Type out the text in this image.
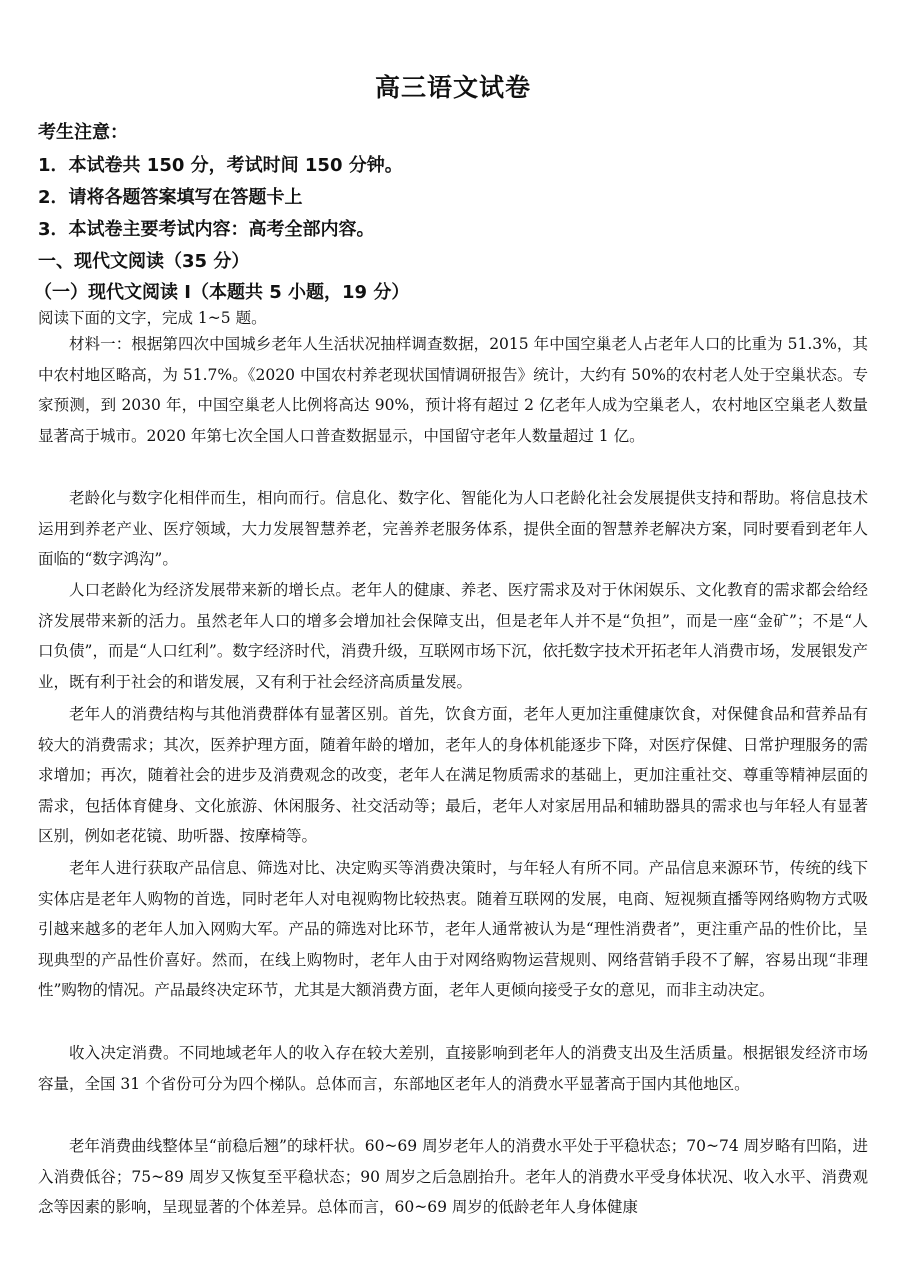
高三语文试卷
考生注意：
1．本试卷共 150 分，考试时间 150 分钟。
2．请将各题答案填写在答题卡上
3．本试卷主要考试内容：高考全部内容。
一、现代文阅读（35 分）
（一）现代文阅读 I（本题共 5 小题，19 分）
阅读下面的文字，完成 1~5 题。

材料一：根据第四次中国城乡老年人生活状况抽样调查数据，2015 年中国空巢老人占老年人口的比重为 51.3%，其中农村地区略高，为 51.7%。《2020 中国农村养老现状国情调研报告》统计，大约有 50%的农村老人处于空巢状态。专家预测，到 2030 年，中国空巢老人比例将高达 90%，预计将有超过 2 亿老年人成为空巢老人，农村地区空巢老人数量显著高于城市。2020 年第七次全国人口普查数据显示，中国留守老年人数量超过 1 亿。

老龄化与数字化相伴而生，相向而行。信息化、数字化、智能化为人口老龄化社会发展提供支持和帮助。将信息技术运用到养老产业、医疗领域，大力发展智慧养老，完善养老服务体系，提供全面的智慧养老解决方案，同时要看到老年人面临的“数字鸿沟”。

人口老龄化为经济发展带来新的增长点。老年人的健康、养老、医疗需求及对于休闲娱乐、文化教育的需求都会给经济发展带来新的活力。虽然老年人口的增多会增加社会保障支出，但是老年人并不是“负担”，而是一座“金矿”；不是“人口负债”，而是“人口红利”。数字经济时代，消费升级，互联网市场下沉，依托数字技术开拓老年人消费市场，发展银发产业，既有利于社会的和谐发展，又有利于社会经济高质量发展。

老年人的消费结构与其他消费群体有显著区别。首先，饮食方面，老年人更加注重健康饮食，对保健食品和营养品有较大的消费需求；其次，医养护理方面，随着年龄的增加，老年人的身体机能逐步下降，对医疗保健、日常护理服务的需求增加；再次，随着社会的进步及消费观念的改变，老年人在满足物质需求的基础上，更加注重社交、尊重等精神层面的需求，包括体育健身、文化旅游、休闲服务、社交活动等；最后，老年人对家居用品和辅助器具的需求也与年轻人有显著区别，例如老花镜、助听器、按摩椅等。

老年人进行获取产品信息、筛选对比、决定购买等消费决策时，与年轻人有所不同。产品信息来源环节，传统的线下实体店是老年人购物的首选，同时老年人对电视购物比较热衷。随着互联网的发展，电商、短视频直播等网络购物方式吸引越来越多的老年人加入网购大军。产品的筛选对比环节，老年人通常被认为是“理性消费者”，更注重产品的性价比，呈现典型的产品性价喜好。然而，在线上购物时，老年人由于对网络购物运营规则、网络营销手段不了解，容易出现“非理性”购物的情况。产品最终决定环节，尤其是大额消费方面，老年人更倾向接受子女的意见，而非主动决定。

收入决定消费。不同地域老年人的收入存在较大差别，直接影响到老年人的消费支出及生活质量。根据银发经济市场容量，全国 31 个省份可分为四个梯队。总体而言，东部地区老年人的消费水平显著高于国内其他地区。

老年消费曲线整体呈“前稳后翘”的球杆状。60~69 周岁老年人的消费水平处于平稳状态；70~74 周岁略有凹陷，进入消费低谷；75~89 周岁又恢复至平稳状态；90 周岁之后急剧抬升。老年人的消费水平受身体状况、收入水平、消费观念等因素的影响，呈现显著的个体差异。总体而言，60~69 周岁的低龄老年人身体健康
